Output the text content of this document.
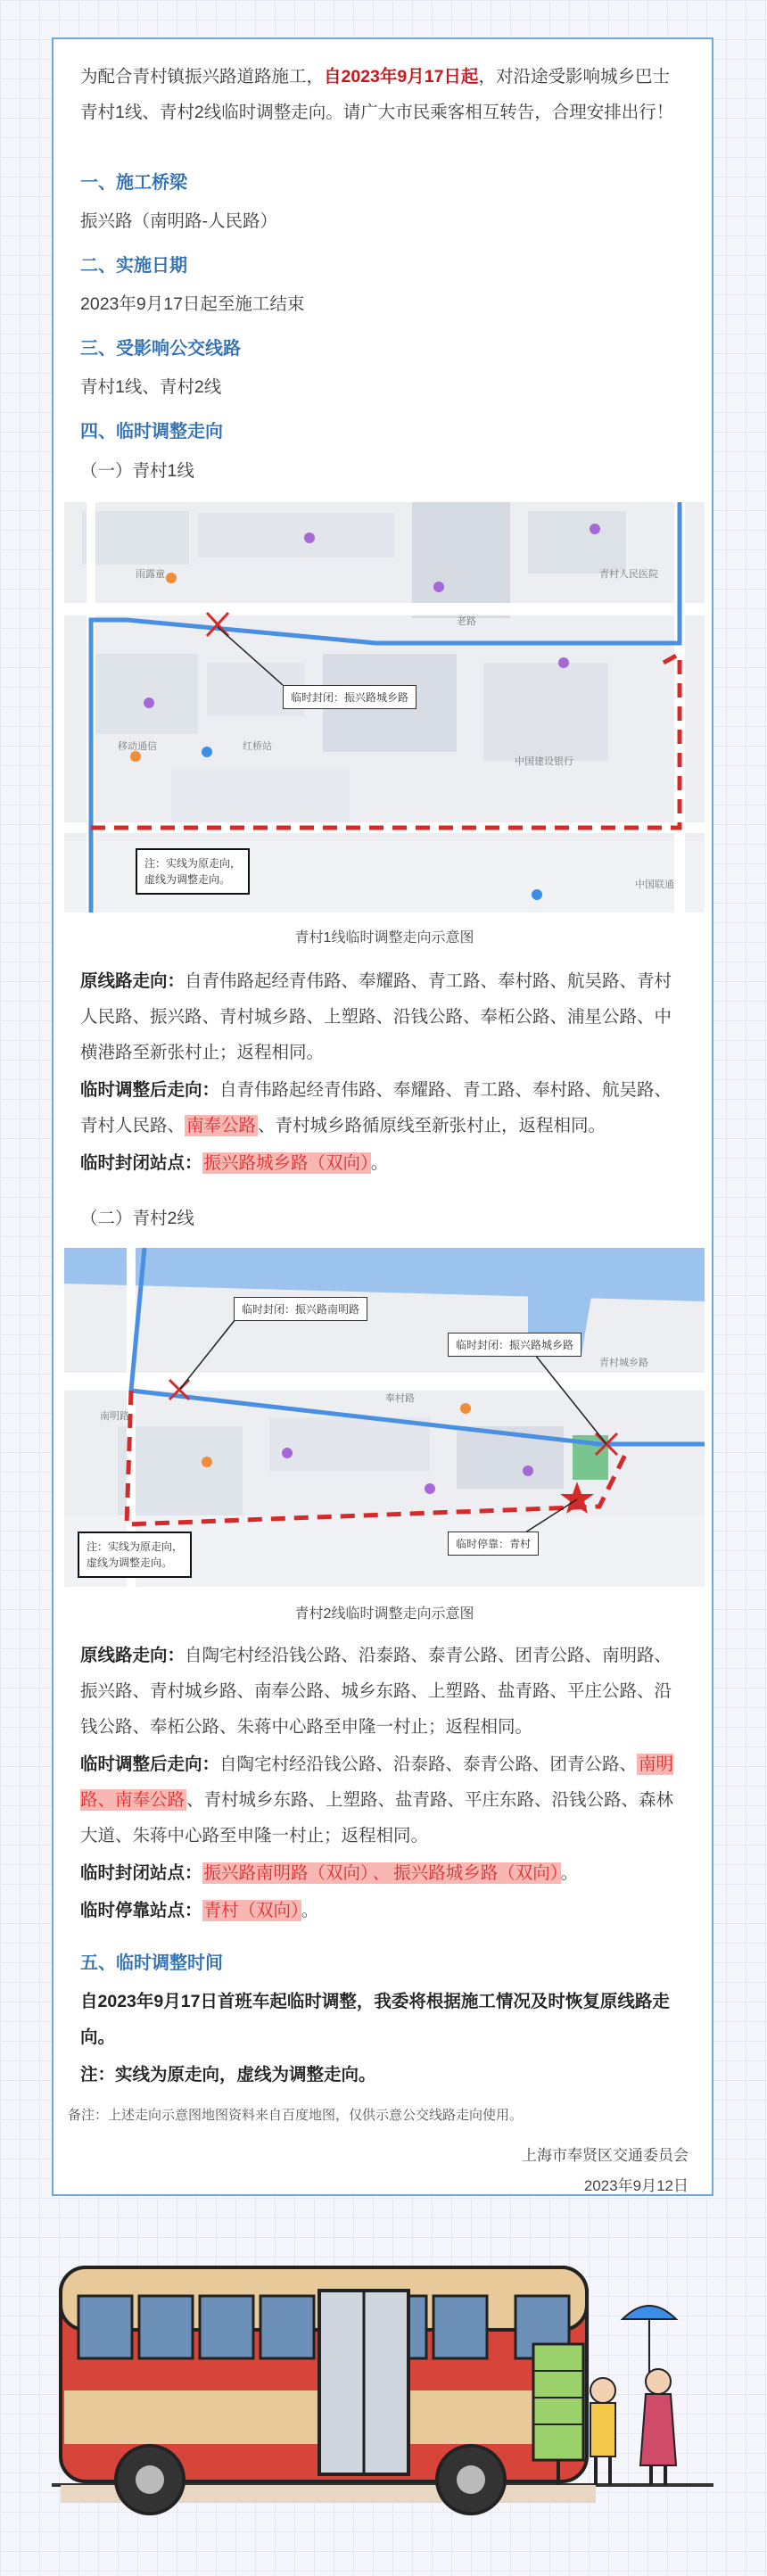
为配合青村镇振兴路道路施工，自2023年9月17日起，对沿途受影响城乡巴士青村1线、青村2线临时调整走向。请广大市民乘客相互转告，合理安排出行！
一、施工桥梁
振兴路（南明路-人民路）
二、实施日期
2023年9月17日起至施工结束
三、受影响公交线路
青村1线、青村2线
四、临时调整走向
（一）青村1线
临时封闭：振兴路城乡路
青村人民医院
中国建设银行
中国联通
移动通信
雨露童
红桥站
老路
注：实线为原走向，
虚线为调整走向。
青村1线临时调整走向示意图
原线路走向：自青伟路起经青伟路、奉耀路、青工路、奉村路、航吴路、青村人民路、振兴路、青村城乡路、上塑路、沿钱公路、奉柘公路、浦星公路、中横港路至新张村止；返程相同。
临时调整后走向：自青伟路起经青伟路、奉耀路、青工路、奉村路、航吴路、青村人民路、 南奉公路 、青村城乡路循原线至新张村止，返程相同。
临时封闭站点： 振兴路城乡路（双向） 。
（二）青村2线
临时封闭：振兴路南明路
临时封闭：振兴路城乡路
临时停靠：青村
南明路
奉村路
青村城乡路
注：实线为原走向，
虚线为调整走向。
青村2线临时调整走向示意图
原线路走向：自陶宅村经沿钱公路、沿泰路、泰青公路、团青公路、南明路、振兴路、青村城乡路、南奉公路、城乡东路、上塑路、盐青路、平庄公路、沿钱公路、奉柘公路、朱蒋中心路至申隆一村止；返程相同。
临时调整后走向：自陶宅村经沿钱公路、沿泰路、泰青公路、团青公路、 南明路、南奉公路 、青村城乡东路、上塑路、盐青路、平庄东路、沿钱公路、森林大道、朱蒋中心路至申隆一村止；返程相同。
临时封闭站点： 振兴路南明路（双向） 、 振兴路城乡路（双向） 。
临时停靠站点： 青村（双向） 。
五、临时调整时间
自2023年9月17日首班车起临时调整，我委将根据施工情况及时恢复原线路走向。
注：实线为原走向，虚线为调整走向。
备注：上述走向示意图地图资料来自百度地图，仅供示意公交线路走向使用。
上海市奉贤区交通委员会
2023年9月12日
